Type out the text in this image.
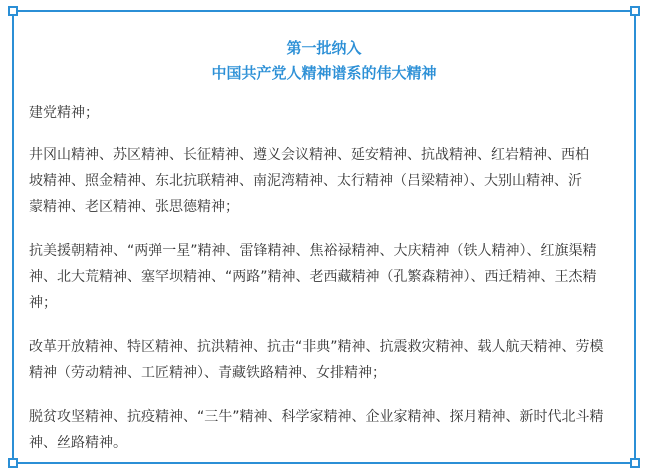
第一批纳入
中国共产党人精神谱系的伟大精神

建党精神；

井冈山精神、苏区精神、长征精神、遵义会议精神、延安精神、抗战精神、红岩精神、西柏
坡精神、照金精神、东北抗联精神、南泥湾精神、太行精神（吕梁精神）、大别山精神、沂
蒙精神、老区精神、张思德精神；

抗美援朝精神、“两弹一星”精神、雷锋精神、焦裕禄精神、大庆精神（铁人精神）、红旗渠精
神、北大荒精神、塞罕坝精神、“两路”精神、老西藏精神（孔繁森精神）、西迁精神、王杰精
神；

改革开放精神、特区精神、抗洪精神、抗击“非典”精神、抗震救灾精神、载人航天精神、劳模
精神（劳动精神、工匠精神）、青藏铁路精神、女排精神；

脱贫攻坚精神、抗疫精神、“三牛”精神、科学家精神、企业家精神、探月精神、新时代北斗精
神、丝路精神。
